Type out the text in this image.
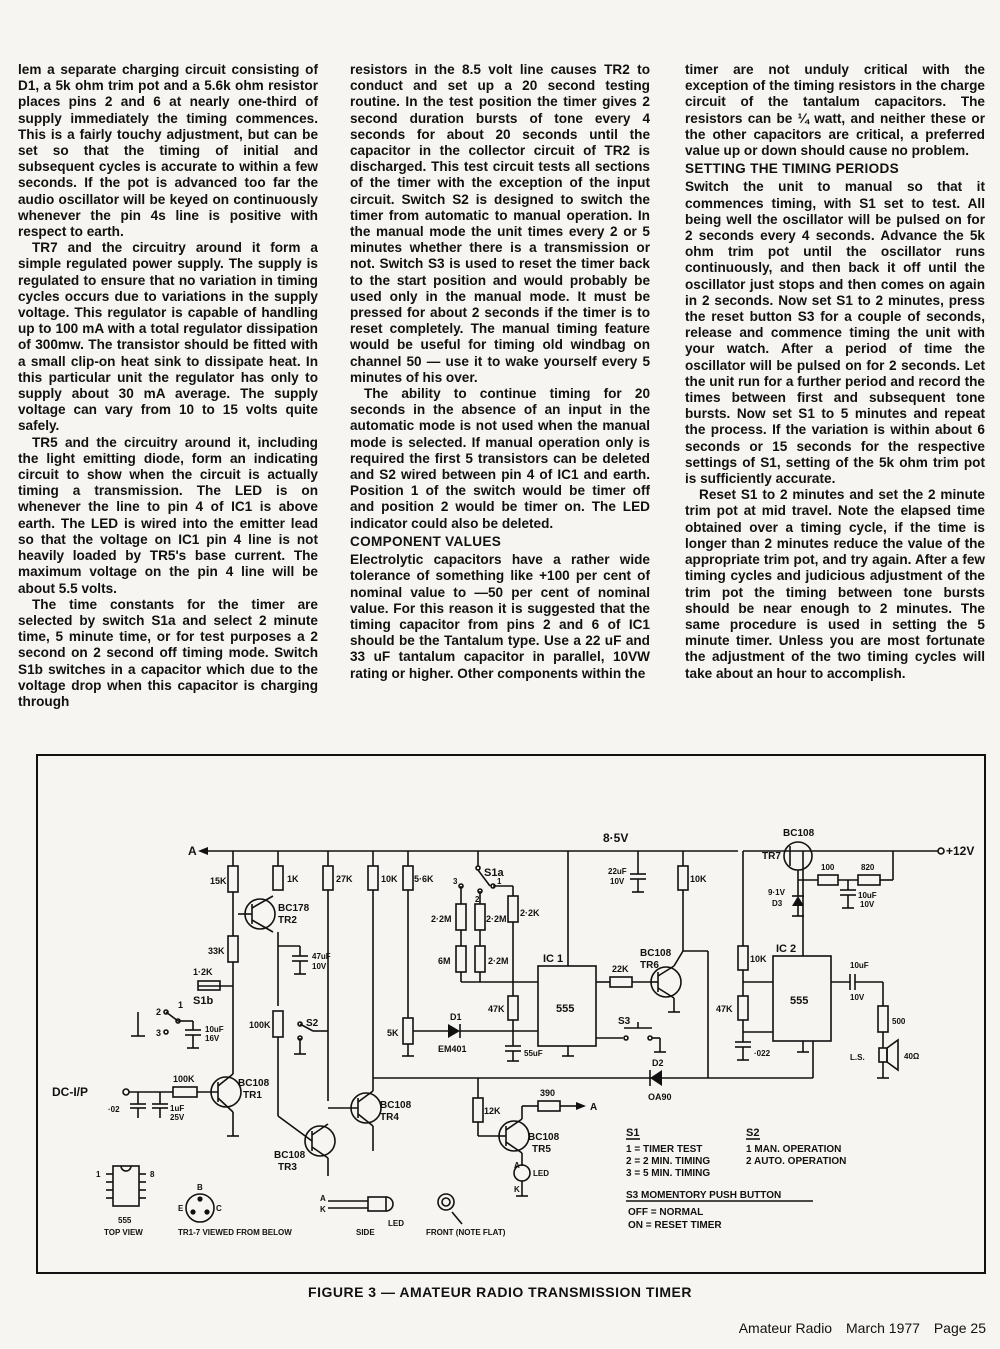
lem a separate charging circuit consisting of D1, a 5k ohm trim pot and a 5.6k ohm resistor places pins 2 and 6 at nearly one-third of supply immediately the timing commences. This is a fairly touchy adjustment, but can be set so that the timing of initial and subsequent cycles is accurate to within a few seconds. If the pot is advanced too far the audio oscillator will be keyed on continuously whenever the pin 4s line is positive with respect to earth.

TR7 and the circuitry around it form a simple regulated power supply. The supply is regulated to ensure that no variation in timing cycles occurs due to variations in the supply voltage. This regulator is capable of handling up to 100 mA with a total regulator dissipation of 300mw. The transistor should be fitted with a small clip-on heat sink to dissipate heat. In this particular unit the regulator has only to supply about 30 mA average. The supply voltage can vary from 10 to 15 volts quite safely.

TR5 and the circuitry around it, including the light emitting diode, form an indicating circuit to show when the circuit is actually timing a transmission. The LED is on whenever the line to pin 4 of IC1 is above earth. The LED is wired into the emitter lead so that the voltage on IC1 pin 4 line is not heavily loaded by TR5's base current. The maximum voltage on the pin 4 line will be about 5.5 volts.

The time constants for the timer are selected by switch S1a and select 2 minute time, 5 minute time, or for test purposes a 2 second on 2 second off timing mode. Switch S1b switches in a capacitor which due to the voltage drop when this capacitor is charging through

resistors in the 8.5 volt line causes TR2 to conduct and set up a 20 second testing routine. In the test position the timer gives 2 second duration bursts of tone every 4 seconds for about 20 seconds until the capacitor in the collector circuit of TR2 is discharged. This test circuit tests all sections of the timer with the exception of the input circuit. Switch S2 is designed to switch the timer from automatic to manual operation. In the manual mode the unit times every 2 or 5 minutes whether there is a transmission or not. Switch S3 is used to reset the timer back to the start position and would probably be used only in the manual mode. It must be pressed for about 2 seconds if the timer is to reset completely. The manual timing feature would be useful for timing old windbag on channel 50 — use it to wake yourself every 5 minutes of his over.

The ability to continue timing for 20 seconds in the absence of an input in the automatic mode is not used when the manual mode is selected. If manual operation only is required the first 5 transistors can be deleted and S2 wired between pin 4 of IC1 and earth. Position 1 of the switch would be timer off and position 2 would be timer on. The LED indicator could also be deleted.

COMPONENT VALUES

Electrolytic capacitors have a rather wide tolerance of something like +100 per cent of nominal value to —50 per cent of nominal value. For this reason it is suggested that the timing capacitor from pins 2 and 6 of IC1 should be the Tantalum type. Use a 22 uF and 33 uF tantalum capacitor in parallel, 10VW rating or higher. Other components within the

timer are not unduly critical with the exception of the timing resistors in the charge circuit of the tantalum capacitors. The resistors can be ¼ watt, and neither these or the other capacitors are critical, a preferred value up or down should cause no problem.

SETTING THE TIMING PERIODS

Switch the unit to manual so that it commences timing, with S1 set to test. All being well the oscillator will be pulsed on for 2 seconds every 4 seconds. Advance the 5k ohm trim pot until the oscillator runs continuously, and then back it off until the oscillator just stops and then comes on again in 2 seconds. Now set S1 to 2 minutes, press the reset button S3 for a couple of seconds, release and commence timing the unit with your watch. After a period of time the oscillator will be pulsed on for 2 seconds. Let the unit run for a further period and record the times between first and subsequent tone bursts. Now set S1 to 5 minutes and repeat the process. If the variation is within about 6 seconds or 15 seconds for the respective settings of S1, setting of the 5k ohm trim pot is sufficiently accurate.

Reset S1 to 2 minutes and set the 2 minute trim pot at mid travel. Note the elapsed time obtained over a timing cycle, if the time is longer than 2 minutes reduce the value of the appropriate trim pot, and try again. After a few timing cycles and judicious adjustment of the trim pot the timing between tone bursts should be near enough to 2 minutes. The same procedure is used in setting the 5 minute timer. Unless you are most fortunate the adjustment of the two timing cycles will take about an hour to accomplish.

A
8·5V
+12V
15K
33K
1·2K
S1b
2
3
1
10uF
16V
BC178
TR2
1K
100K
47uF
10V
27K
S2
BC108
TR1
DC-I/P
100K
·02	1uF
25V
BC108
TR3
BC108
TR4
10K 5·6K
5K
D1
EM401
S1a
3
2
1
2·2M	2·2M
2·2K
6M	2·2M
47K
55uF
IC 1
555
22uF
10V
22K
BC108
TR6
10K
S3
D2
OA90
12K
BC108
TR5
390
A
LED
A
K
BC108
TR7
9·1V
D3
100	820
10uF
10V
10K
47K
·022
IC 2
555
10uF
10V
500
L.S.	40Ω
1	8
555
TOP VIEW
B
E	C
TR1-7 VIEWED FROM BELOW
A
K
SIDE
LED
FRONT (NOTE FLAT)
S1
1 = TIMER TEST
2 = 2 MIN. TIMING
3 = 5 MIN. TIMING
S2
1 MAN. OPERATION
2 AUTO. OPERATION
S3 MOMENTORY PUSH BUTTON
OFF = NORMAL
ON = RESET TIMER
FIGURE 3 — AMATEUR RADIO TRANSMISSION TIMER
Amateur Radio March 1977 Page 25
